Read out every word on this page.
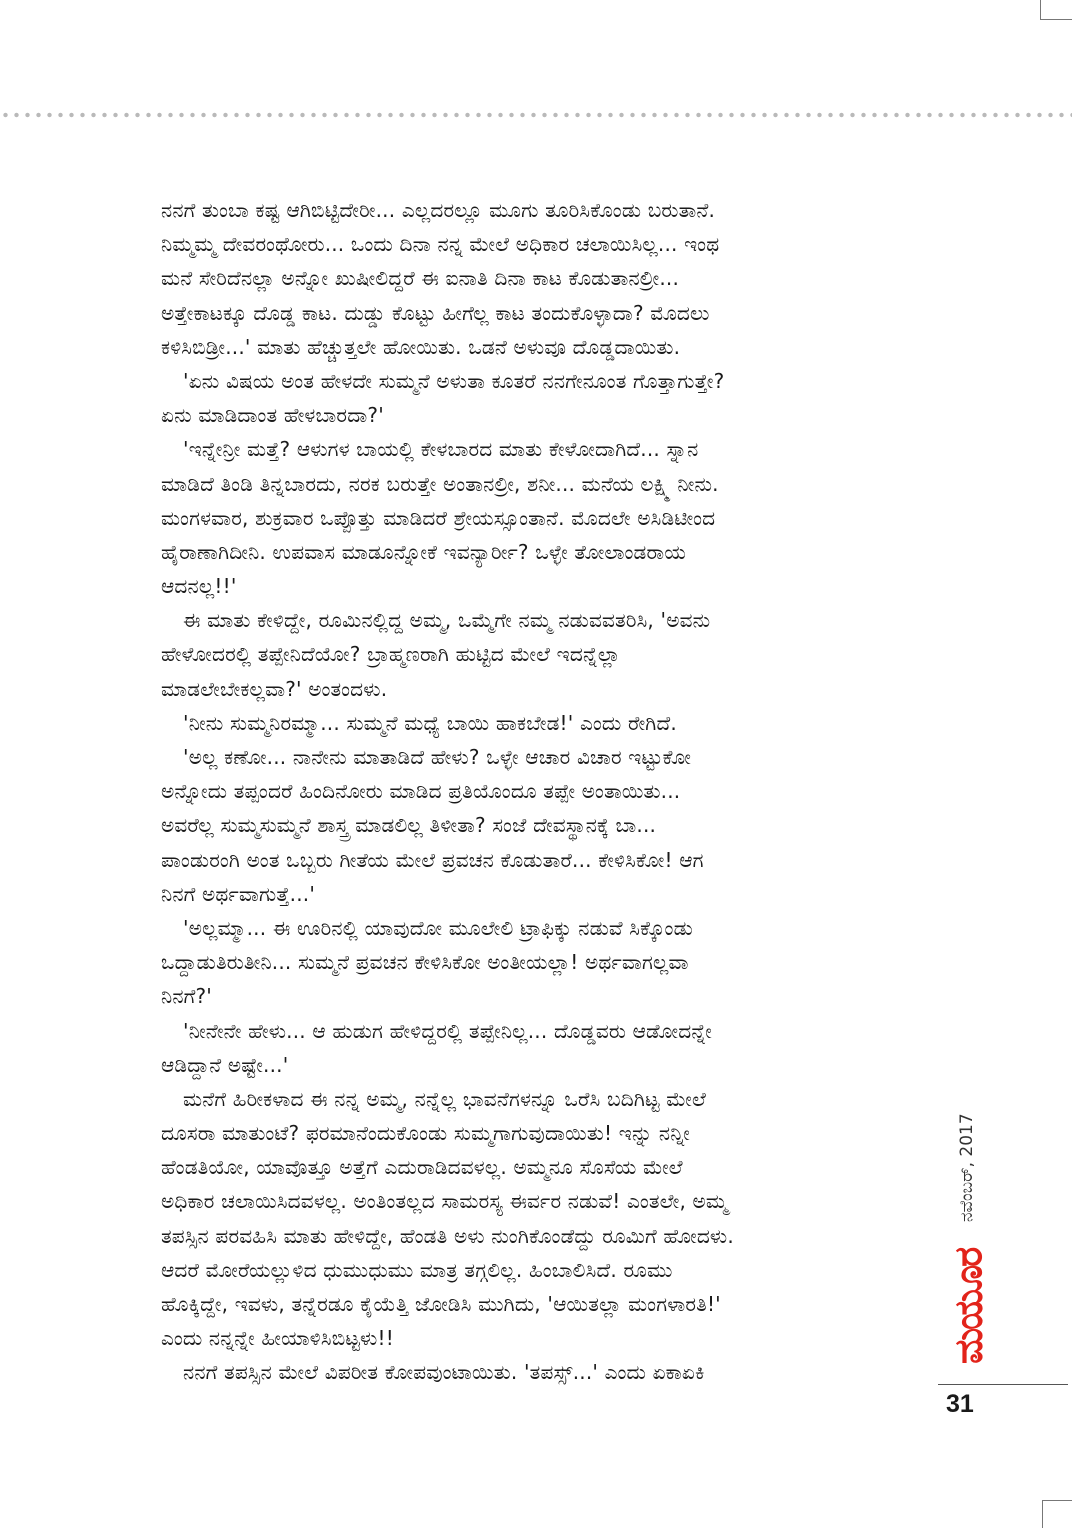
ನನಗೆ ತುಂಬಾ ಕಷ್ಟ ಆಗಿಬಿಟ್ಟಿದೇರೀ... ಎಲ್ಲದರಲ್ಲೂ ಮೂಗು ತೂರಿಸಿಕೊಂಡು ಬರುತಾನೆ.
ನಿಮ್ಮಮ್ಮ ದೇವರಂಥೋರು... ಒಂದು ದಿನಾ ನನ್ನ ಮೇಲೆ ಅಧಿಕಾರ ಚಲಾಯಿಸಿಲ್ಲ... ಇಂಥ
ಮನೆ ಸೇರಿದೆನಲ್ಲಾ ಅನ್ನೋ ಖುಷೀಲಿದ್ದರೆ ಈ ಐನಾತಿ ದಿನಾ ಕಾಟ ಕೊಡುತಾನಲ್ರೀ...
ಅತ್ತೇಕಾಟಕ್ಕೂ ದೊಡ್ಡ ಕಾಟ. ದುಡ್ಡು ಕೊಟ್ಟು ಹೀಗೆಲ್ಲ ಕಾಟ ತಂದುಕೊಳ್ಳಾದಾ? ಮೊದಲು
ಕಳಿಸಿಬಿಡ್ರೀ...' ಮಾತು ಹೆಚ್ಚುತ್ತಲೇ ಹೋಯಿತು. ಒಡನೆ ಅಳುವೂ ದೊಡ್ಡದಾಯಿತು.
'ಏನು ವಿಷಯ ಅಂತ ಹೇಳದೇ ಸುಮ್ಮನೆ ಅಳುತಾ ಕೂತರೆ ನನಗೇನೂಂತ ಗೊತ್ತಾಗುತ್ತೇ?
ಏನು ಮಾಡಿದಾಂತ ಹೇಳಬಾರದಾ?'
'ಇನ್ನೇನ್ರೀ ಮತ್ತೆ? ಆಳುಗಳ ಬಾಯಲ್ಲಿ ಕೇಳಬಾರದ ಮಾತು ಕೇಳೋದಾಗಿದೆ... ಸ್ನಾನ
ಮಾಡಿದೆ ತಿಂಡಿ ತಿನ್ನಬಾರದು, ನರಕ ಬರುತ್ತೇ ಅಂತಾನಲ್ರೀ, ಶನೀ... ಮನೆಯ ಲಕ್ಷ್ಮಿ ನೀನು.
ಮಂಗಳವಾರ, ಶುಕ್ರವಾರ ಒಪ್ಪೊತ್ತು ಮಾಡಿದರೆ ಶ್ರೇಯಸ್ಸೂಂತಾನೆ. ಮೊದಲೇ ಅಸಿಡಿಟೀಂದ
ಹೈರಾಣಾಗಿದೀನಿ. ಉಪವಾಸ ಮಾಡೂನ್ನೋಕೆ ಇವನ್ಯಾರ್ರೀ? ಒಳ್ಳೇ ತೋಲಾಂಡರಾಯ
ಆದನಲ್ಲ!!'
ಈ ಮಾತು ಕೇಳಿದ್ದೇ, ರೂಮಿನಲ್ಲಿದ್ದ ಅಮ್ಮ, ಒಮ್ಮೆಗೇ ನಮ್ಮ ನಡುವವತರಿಸಿ, 'ಅವನು
ಹೇಳೋದರಲ್ಲಿ ತಪ್ಪೇನಿದೆಯೋ? ಬ್ರಾಹ್ಮಣರಾಗಿ ಹುಟ್ಟಿದ ಮೇಲೆ ಇದನ್ನೆಲ್ಲಾ
ಮಾಡಲೇಬೇಕಲ್ಲವಾ?' ಅಂತಂದಳು.
'ನೀನು ಸುಮ್ಮನಿರಮ್ಮಾ... ಸುಮ್ಮನೆ ಮಧ್ಯೆ ಬಾಯಿ ಹಾಕಬೇಡ!' ಎಂದು ರೇಗಿದೆ.
'ಅಲ್ಲ ಕಣೋ... ನಾನೇನು ಮಾತಾಡಿದೆ ಹೇಳು? ಒಳ್ಳೇ ಆಚಾರ ವಿಚಾರ ಇಟ್ಟುಕೋ
ಅನ್ನೋದು ತಪ್ಪಂದರೆ ಹಿಂದಿನೋರು ಮಾಡಿದ ಪ್ರತಿಯೊಂದೂ ತಪ್ಪೇ ಅಂತಾಯಿತು...
ಅವರೆಲ್ಲ ಸುಮ್ಮಸುಮ್ಮನೆ ಶಾಸ್ತ್ರ ಮಾಡಲಿಲ್ಲ ತಿಳೀತಾ? ಸಂಜೆ ದೇವಸ್ಥಾನಕ್ಕೆ ಬಾ...
ಪಾಂಡುರಂಗಿ ಅಂತ ಒಬ್ಬರು ಗೀತೆಯ ಮೇಲೆ ಪ್ರವಚನ ಕೊಡುತಾರೆ... ಕೇಳಿಸಿಕೋ! ಆಗ
ನಿನಗೆ ಅರ್ಥವಾಗುತ್ತೆ...'
'ಅಲ್ಲಮ್ಮಾ... ಈ ಊರಿನಲ್ಲಿ ಯಾವುದೋ ಮೂಲೇಲಿ ಟ್ರಾಫಿಕ್ಕು ನಡುವೆ ಸಿಕ್ಕೊಂಡು
ಒದ್ದಾಡುತಿರುತೀನಿ... ಸುಮ್ಮನೆ ಪ್ರವಚನ ಕೇಳಿಸಿಕೋ ಅಂತೀಯಲ್ಲಾ! ಅರ್ಥವಾಗಲ್ಲವಾ
ನಿನಗೆ?'
'ನೀನೇನೇ ಹೇಳು... ಆ ಹುಡುಗ ಹೇಳಿದ್ದರಲ್ಲಿ ತಪ್ಪೇನಿಲ್ಲ... ದೊಡ್ಡವರು ಆಡೋದನ್ನೇ
ಆಡಿದ್ದಾನೆ ಅಷ್ಟೇ...'
ಮನೆಗೆ ಹಿರೀಕಳಾದ ಈ ನನ್ನ ಅಮ್ಮ, ನನ್ನೆಲ್ಲ ಭಾವನೆಗಳನ್ನೂ ಒರೆಸಿ ಬದಿಗಿಟ್ಟ ಮೇಲೆ
ದೂಸರಾ ಮಾತುಂಟೆ? ಫರಮಾನೆಂದುಕೊಂಡು ಸುಮ್ಮಗಾಗುವುದಾಯಿತು! ಇನ್ನು ನನ್ನೀ
ಹೆಂಡತಿಯೋ, ಯಾವೊತ್ತೂ ಅತ್ತೆಗೆ ಎದುರಾಡಿದವಳಲ್ಲ. ಅಮ್ಮನೂ ಸೊಸೆಯ ಮೇಲೆ
ಅಧಿಕಾರ ಚಲಾಯಿಸಿದವಳಲ್ಲ. ಅಂತಿಂತಲ್ಲದ ಸಾಮರಸ್ಯ ಈರ್ವರ ನಡುವೆ! ಎಂತಲೇ, ಅಮ್ಮ
ತಪಸ್ಸಿನ ಪರವಹಿಸಿ ಮಾತು ಹೇಳಿದ್ದೇ, ಹೆಂಡತಿ ಅಳು ನುಂಗಿಕೊಂಡೆದ್ದು ರೂಮಿಗೆ ಹೋದಳು.
ಆದರೆ ಮೋರೆಯಲ್ಲುಳಿದ ಧುಮುಧುಮು ಮಾತ್ರ ತಗ್ಗಲಿಲ್ಲ. ಹಿಂಬಾಲಿಸಿದೆ. ರೂಮು
ಹೊಕ್ಕಿದ್ದೇ, ಇವಳು, ತನ್ನೆರಡೂ ಕೈಯೆತ್ತಿ ಜೋಡಿಸಿ ಮುಗಿದು, 'ಆಯಿತಲ್ಲಾ ಮಂಗಳಾರತಿ!'
ಎಂದು ನನ್ನನ್ನೇ ಹೀಯಾಳಿಸಿಬಿಟ್ಟಳು!!
ನನಗೆ ತಪಸ್ಸಿನ ಮೇಲೆ ವಿಪರೀತ ಕೋಪವುಂಟಾಯಿತು. 'ತಪಸ್ಸ್...' ಎಂದು ಏಕಾಏಕಿ
ನವೆಂಬರ್, 2017
ಮಯೂರ
31
